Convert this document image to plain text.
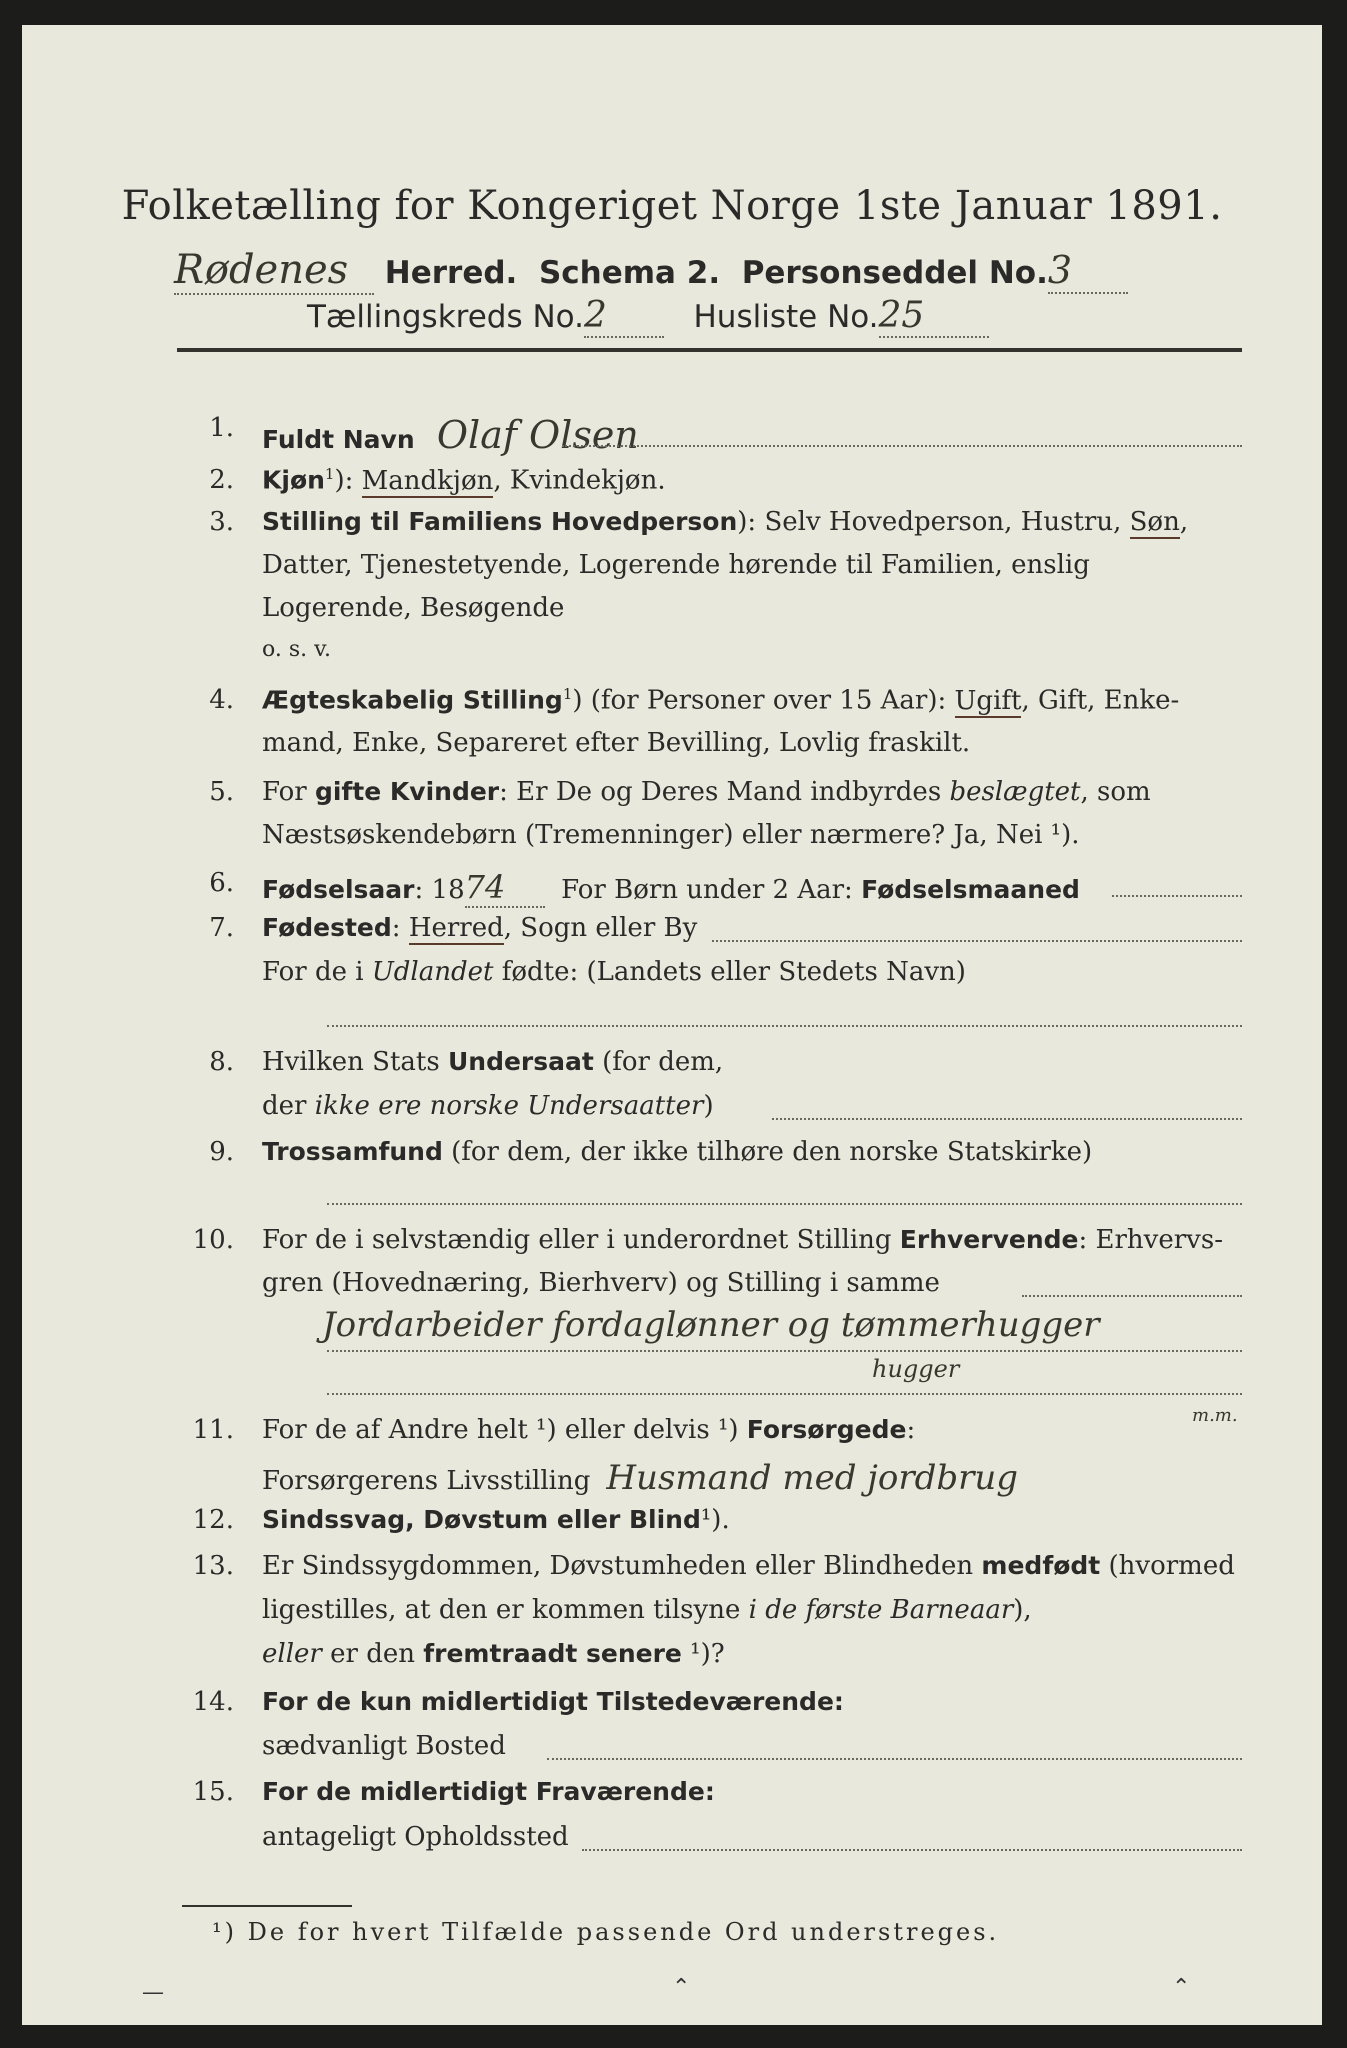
Folketælling for Kongeriget Norge 1ste Januar 1891.
Rødenes Herred. Schema 2. Personseddel No.3
Tællingskreds No.2	Husliste No.25
1. Fuldt Navn Olaf Olsen
2. Kjøn$^1$): Mandkjøn, Kvindekjøn.
3. Stilling til Familiens Hovedperson): Selv Hovedperson, Hustru, Søn,
Datter, Tjenestetyende, Logerende hørende til Familien, enslig
Logerende, Besøgende
o. s. v.
4. Ægteskabelig Stilling$^1$) (for Personer over 15 Aar): Ugift, Gift, Enke-
mand, Enke, Separeret efter Bevilling, Lovlig fraskilt.
5. For gifte Kvinder: Er De og Deres Mand indbyrdes beslægtet, som
Næstsøskendebørn (Tremenninger) eller nærmere? Ja, Nei ¹).
6. Fødselsaar: 1874 For Børn under 2 Aar: Fødselsmaaned
7. Fødested: Herred, Sogn eller By
For de i Udlandet fødte: (Landets eller Stedets Navn)
8. Hvilken Stats Undersaat (for dem,
der ikke ere norske Undersaatter)
9. Trossamfund (for dem, der ikke tilhøre den norske Statskirke)
10. For de i selvstændig eller i underordnet Stilling Erhvervende: Erhvervs-
gren (Hovednæring, Bierhverv) og Stilling i samme
Jordarbeider fordaglønner og tømmerhugger
hugger
11. For de af Andre helt ¹) eller delvis ¹) Forsørgede:	m.m.
Forsørgerens Livsstilling Husmand med jordbrug
12. Sindssvag, Døvstum eller Blind¹).
13. Er Sindssygdommen, Døvstumheden eller Blindheden medfødt (hvormed
ligestilles, at den er kommen tilsyne i de første Barneaar),
eller er den fremtraadt senere ¹)?
14. For de kun midlertidigt Tilstedeværende:
sædvanligt Bosted
15. For de midlertidigt Fraværende:
antageligt Opholdssted
¹) De for hvert Tilfælde passende Ord understreges.
—	⌃	⌃
